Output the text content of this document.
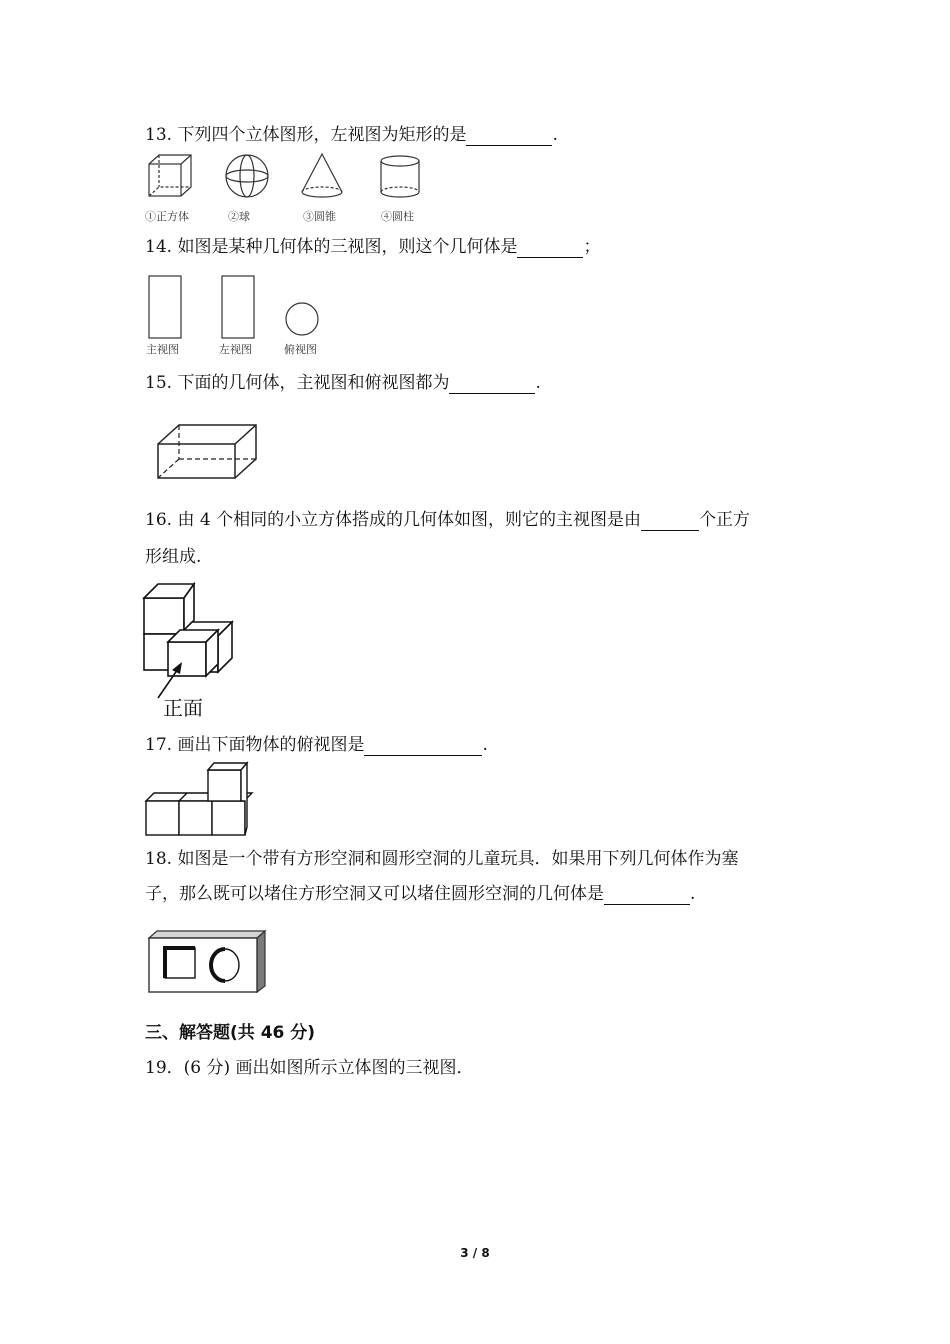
13. 下列四个立体图形，左视图为矩形的是	.
①正方体	②球	③圆锥	④圆柱
14. 如图是某种几何体的三视图，则这个几何体是	；
主视图	左视图	俯视图
15. 下面的几何体，主视图和俯视图都为	.
16. 由 4 个相同的小立方体搭成的几何体如图，则它的主视图是由	个正方
形组成.
正面
17. 画出下面物体的俯视图是	.
18. 如图是一个带有方形空洞和圆形空洞的儿童玩具．如果用下列几何体作为塞
子，那么既可以堵住方形空洞又可以堵住圆形空洞的几何体是	.
三、解答题(共 46 分)
19．(6 分) 画出如图所示立体图的三视图．
3 / 8
